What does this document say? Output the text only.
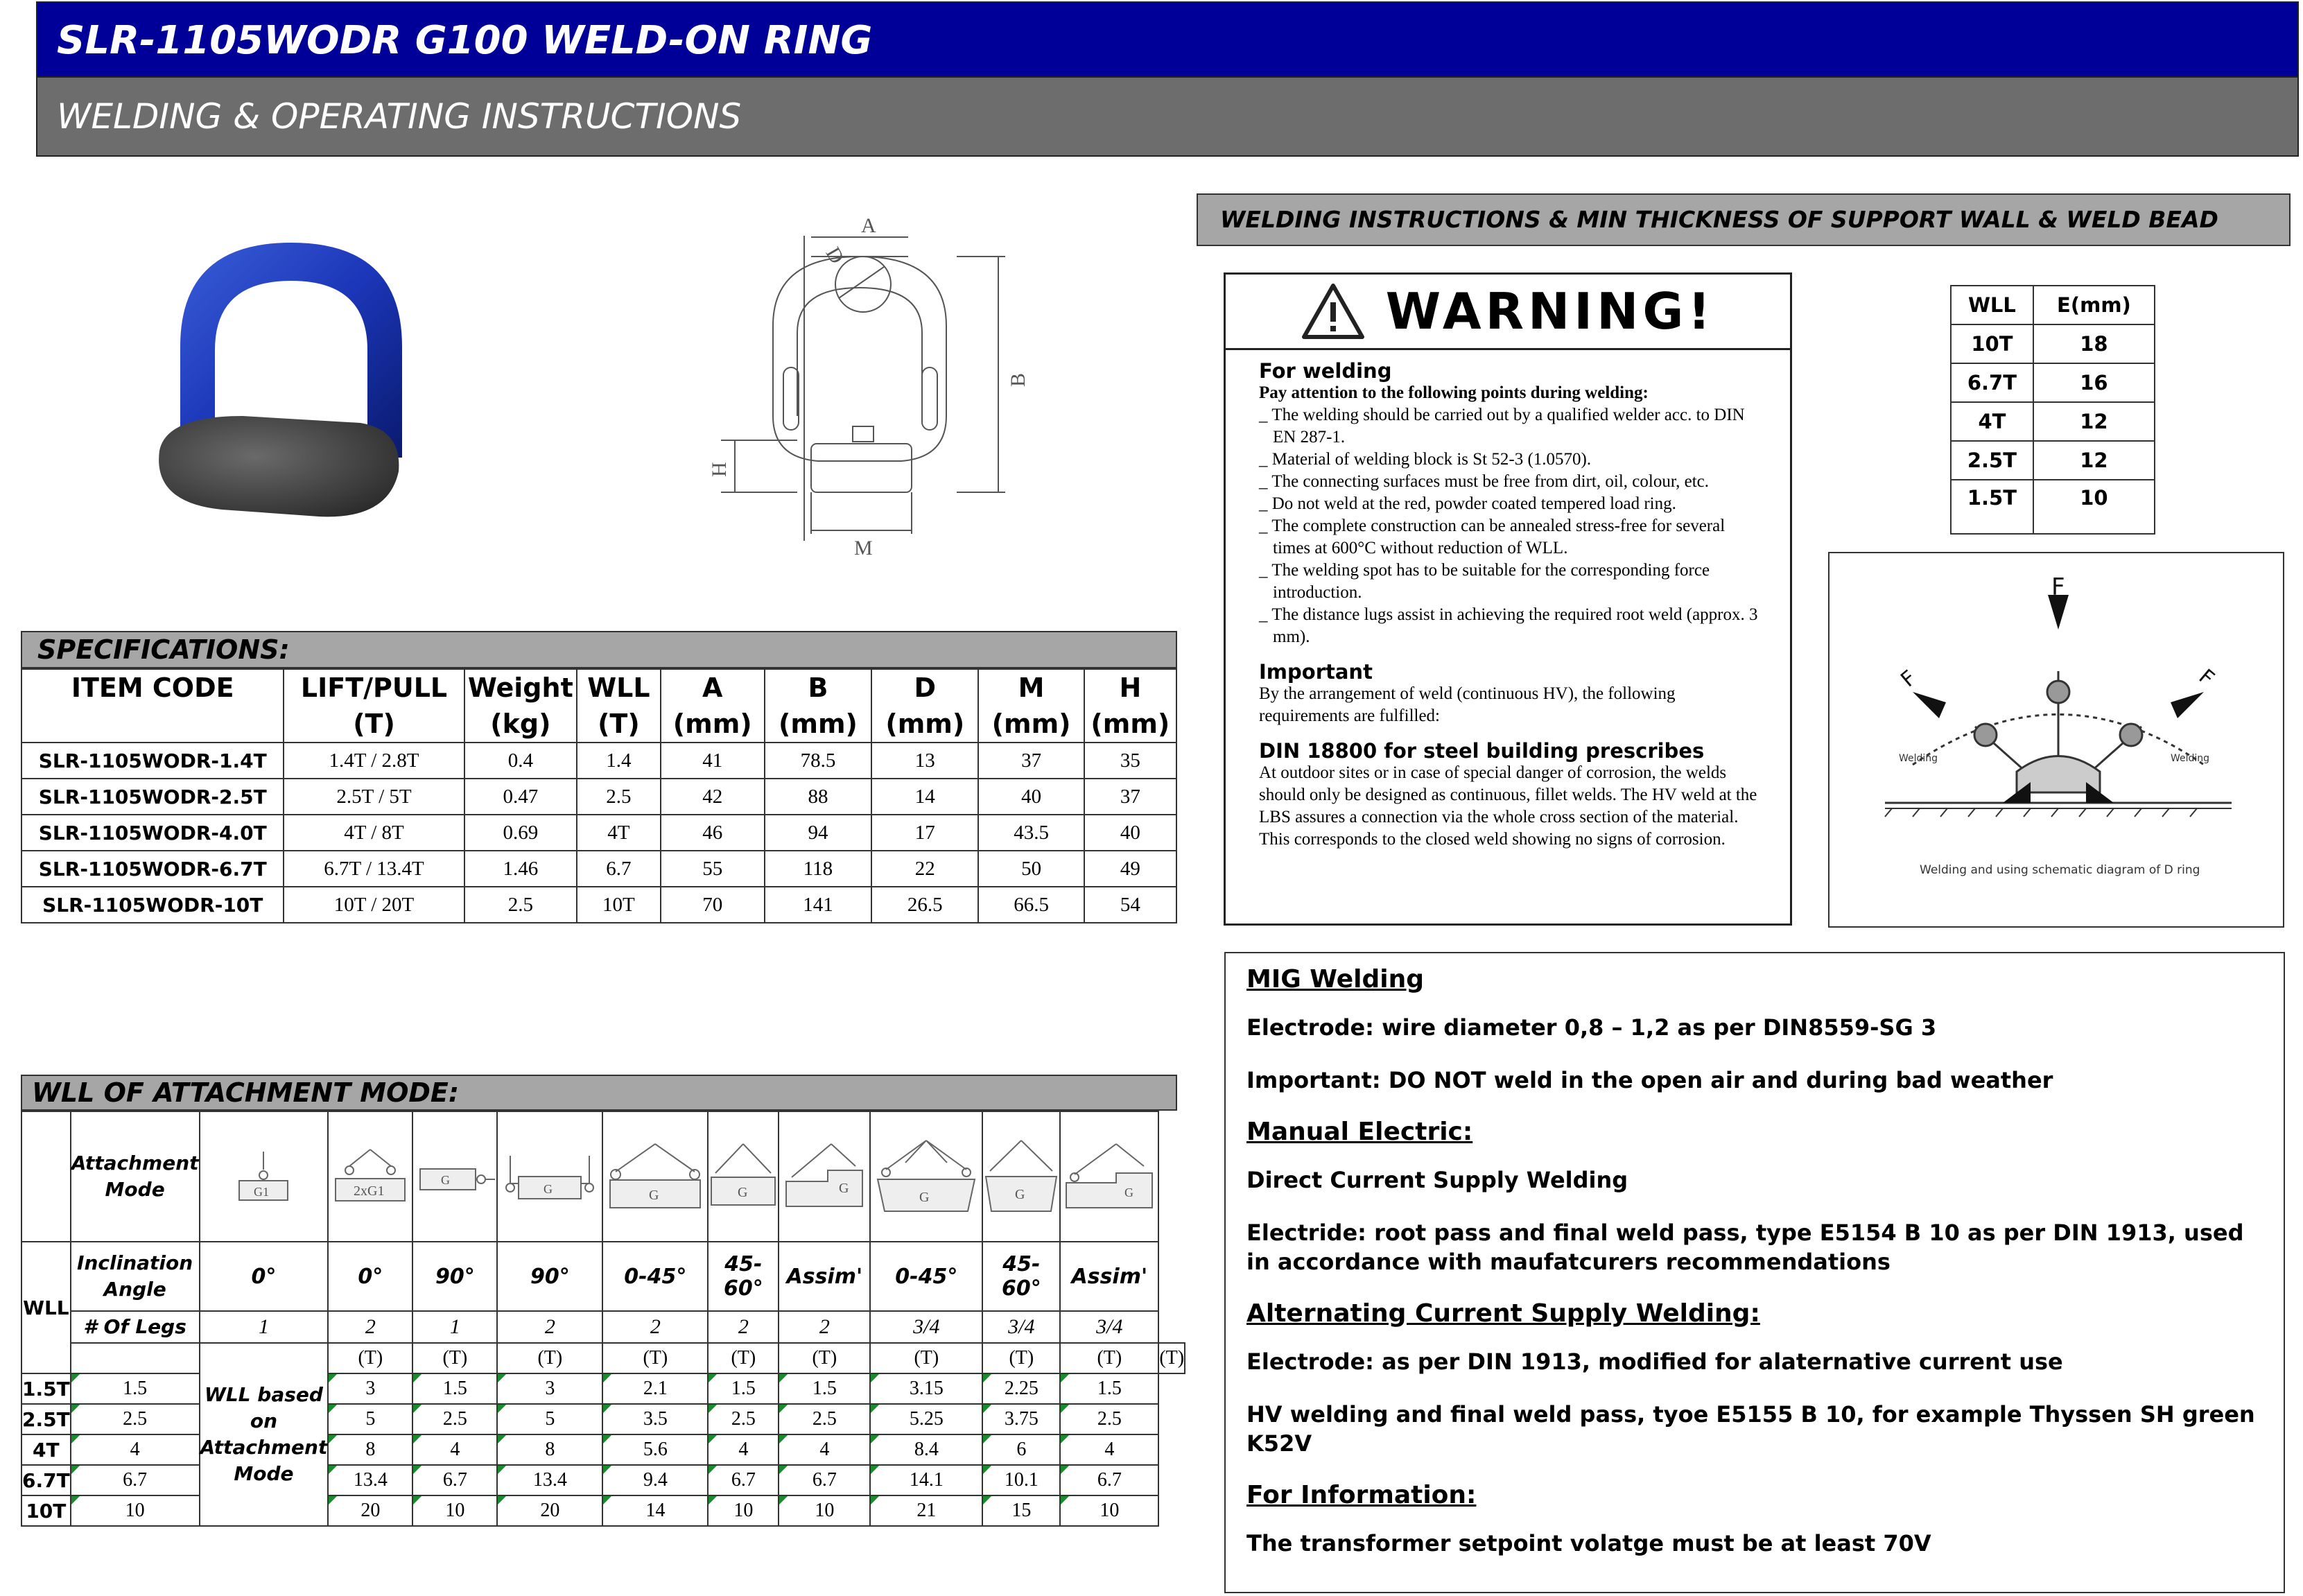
SLR-1105WODR G100 WELD-ON RING
WELDING & OPERATING INSTRUCTIONS
A
D
B
H
M
SPECIFICATIONS:
ITEM CODE	LIFT/PULL	Weight	WLL	A	B	D	M	H
	(T)	(kg)	(T)	(mm)	(mm)	(mm)	(mm)	(mm)
SLR-1105WODR-1.4T	1.4T / 2.8T	0.4	1.4	41	78.5	13	37	35
SLR-1105WODR-2.5T	2.5T / 5T	0.47	2.5	42	88	14	40	37
SLR-1105WODR-4.0T	4T / 8T	0.69	4T	46	94	17	43.5	40
SLR-1105WODR-6.7T	6.7T / 13.4T	1.46	6.7	55	118	22	50	49
SLR-1105WODR-10T	10T / 20T	2.5	10T	70	141	26.5	66.5	54
WLL OF ATTACHMENT MODE:
	Attachment Mode	G1	2xG1	G	G	G	G	G	G	G	G	

WLL	Inclination Angle	0°	0°	90°	90°	0-45°	45-60°	Assim'	0-45°	45-60°	Assim'	
	# Of Legs	1	2	1	2	2	2	2	3/4	3/4	3/4	
		WLL based on Attachment Mode	(T)	(T)	(T)	(T)	(T)	(T)	(T)	(T)	(T)	(T)
1.5T	1.5		3	1.5	3	2.1	1.5	1.5	3.15	2.25	1.5	
2.5T	2.5		5	2.5	5	3.5	2.5	2.5	5.25	3.75	2.5	
4T	4		8	4	8	5.6	4	4	8.4	6	4	
6.7T	6.7		13.4	6.7	13.4	9.4	6.7	6.7	14.1	10.1	6.7	
10T	10		20	10	20	14	10	10	21	15	10	
WELDING INSTRUCTIONS & MIN THICKNESS OF SUPPORT WALL & WELD BEAD
WARNING!
For welding
Pay attention to the following points during welding:
_ The welding should be carried out by a qualified welder acc. to DIN EN 287-1.
_ Material of welding block is St 52-3 (1.0570).
_ The connecting surfaces must be free from dirt, oil, colour, etc.
_ Do not weld at the red, powder coated tempered load ring.
_ The complete construction can be annealed stress-free for several times at 600°C without reduction of WLL.
_ The welding spot has to be suitable for the corresponding force introduction.
_ The distance lugs assist in achieving the required root weld (approx. 3 mm).
Important
By the arrangement of weld (continuous HV), the following requirements are fulfilled:
DIN 18800 for steel building prescribes
At outdoor sites or in case of special danger of corrosion, the welds should only be designed as continuous, fillet welds. The HV weld at the LBS assures a connection via the whole cross section of the material. This corresponds to the closed weld showing no signs of corrosion.
WLL	E(mm)
10T	18
6.7T	16
4T	12
2.5T	12
1.5T	10
F
F	F
Welding	Welding
Welding and using schematic diagram of D ring
MIG Welding
Electrode: wire diameter 0,8 – 1,2 as per DIN8559-SG 3
Important: DO NOT weld in the open air and during bad weather
Manual Electric:
Direct Current Supply Welding
Electride: root pass and final weld pass, type E5154 B 10 as per DIN 1913, used in accordance with maufatcurers recommendations
Alternating Current Supply Welding:
Electrode: as per DIN 1913, modified for alaternative current use
HV welding and final weld pass, tyoe E5155 B 10, for example Thyssen SH green K52V
For Information:
The transformer setpoint volatge must be at least 70V
